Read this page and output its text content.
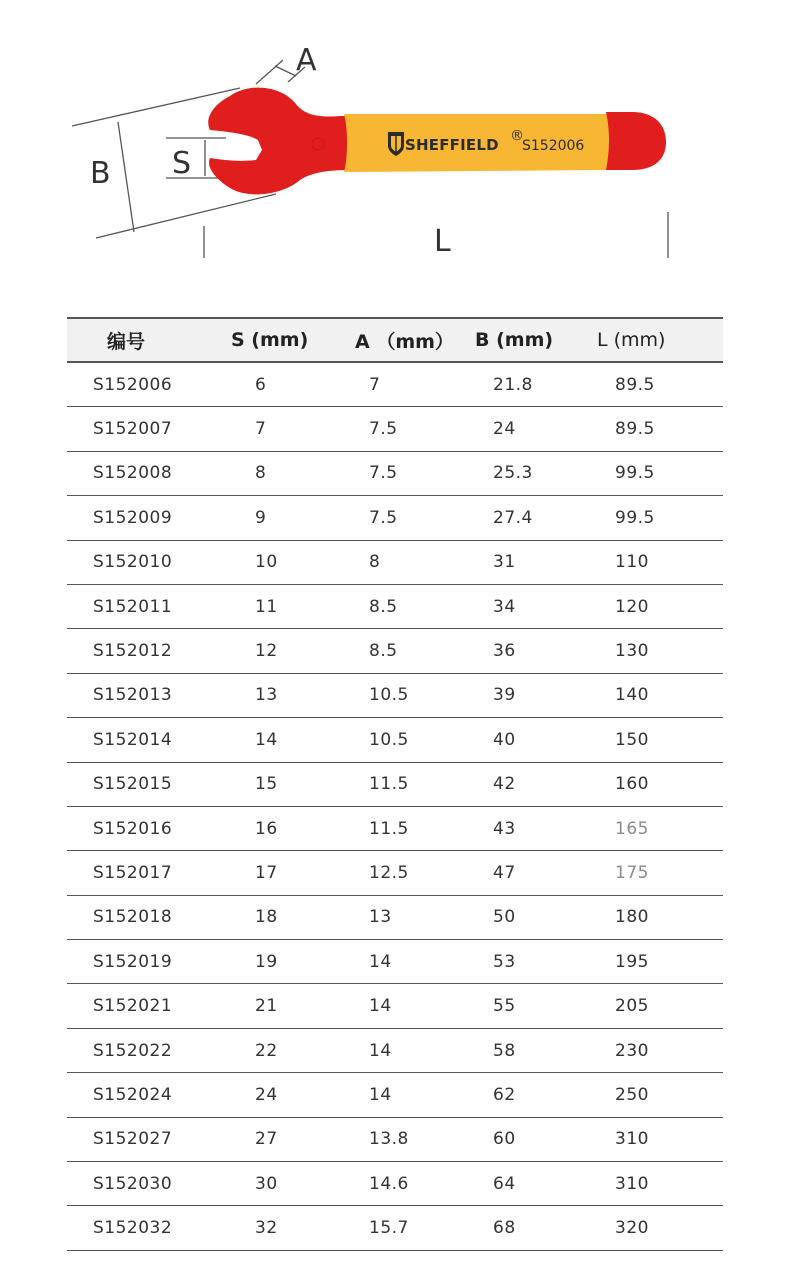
SHEFFIELD ®
S152006
A
B S
L
编号	S (mm)	A （mm）	B (mm)	L (mm)
S152006	6	7	21.8	89.5
S152007	7	7.5	24	89.5
S152008	8	7.5	25.3	99.5
S152009	9	7.5	27.4	99.5
S152010	10	8	31	110
S152011	11	8.5	34	120
S152012	12	8.5	36	130
S152013	13	10.5	39	140
S152014	14	10.5	40	150
S152015	15	11.5	42	160
S152016	16	11.5	43	165
S152017	17	12.5	47	175
S152018	18	13	50	180
S152019	19	14	53	195
S152021	21	14	55	205
S152022	22	14	58	230
S152024	24	14	62	250
S152027	27	13.8	60	310
S152030	30	14.6	64	310
S152032	32	15.7	68	320
